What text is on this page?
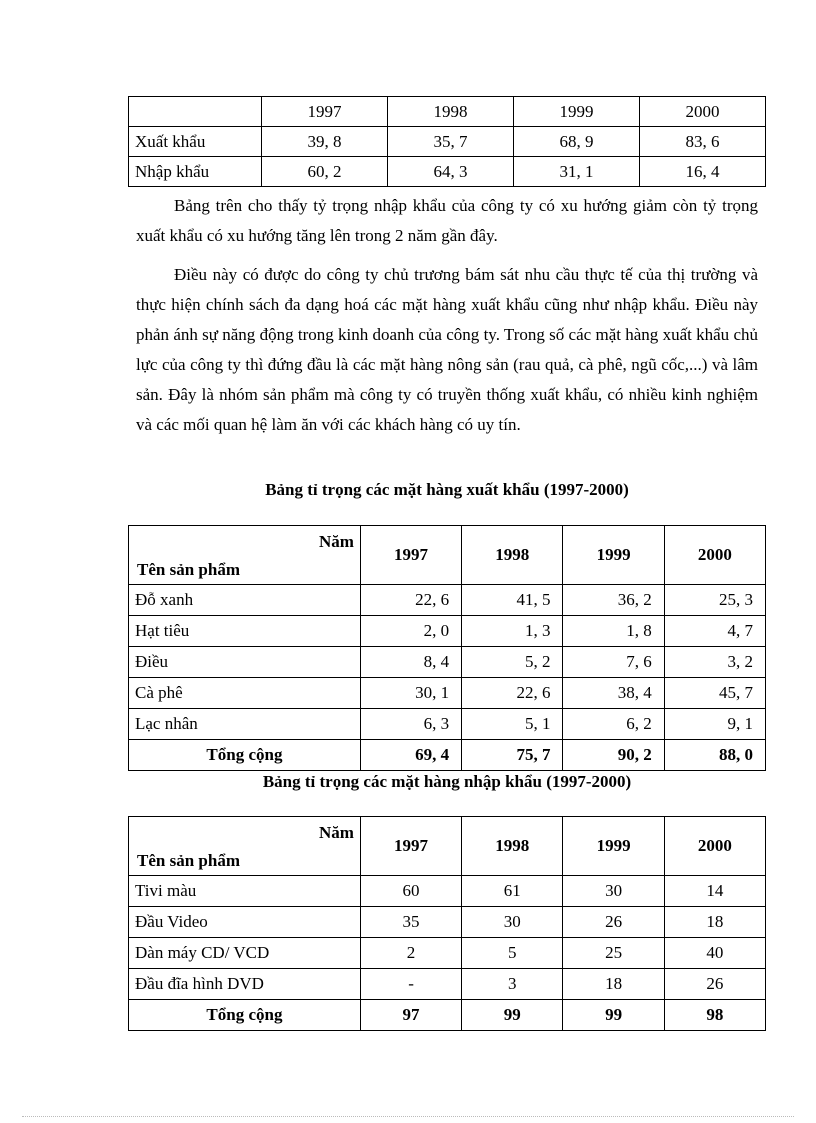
	1997	1998	1999	2000
Xuất khẩu	39, 8	35, 7	68, 9	83, 6
Nhập khẩu	60, 2	64, 3	31, 1	16, 4

Bảng trên cho thấy tỷ trọng nhập khẩu của công ty có xu hướng giảm còn tỷ trọng xuất khẩu có xu hướng tăng lên trong 2 năm gần đây.

Điều này có được do công ty chủ trương bám sát nhu cầu thực tế của thị trường và thực hiện chính sách đa dạng hoá các mặt hàng xuất khẩu cũng như nhập khẩu. Điều này phản ánh sự năng động trong kinh doanh của công ty. Trong số các mặt hàng xuất khẩu chủ lực của công ty thì đứng đầu là các mặt hàng nông sản (rau quả, cà phê, ngũ cốc,...) và lâm sản. Đây là nhóm sản phẩm mà công ty có truyền thống xuất khẩu, có nhiều kinh nghiệm và các mối quan hệ làm ăn với các khách hàng có uy tín.

Bảng tỉ trọng các mặt hàng xuất khẩu (1997-2000)

Năm
Tên sản phẩm	1997	1998	1999	2000
Đỗ xanh	22, 6	41, 5	36, 2	25, 3
Hạt tiêu	2, 0	1, 3	1, 8	4, 7
Điều	8, 4	5, 2	7, 6	3, 2
Cà phê	30, 1	22, 6	38, 4	45, 7
Lạc nhân	6, 3	5, 1	6, 2	9, 1
Tổng cộng	69, 4	75, 7	90, 2	88, 0

Bảng tỉ trọng các mặt hàng nhập khẩu (1997-2000)

Năm
Tên sản phẩm	1997	1998	1999	2000
Tivi màu	60	61	30	14
Đầu Video	35	30	26	18
Dàn máy CD/ VCD	2	5	25	40
Đầu đĩa hình DVD	-	3	18	26
Tổng cộng	97	99	99	98
